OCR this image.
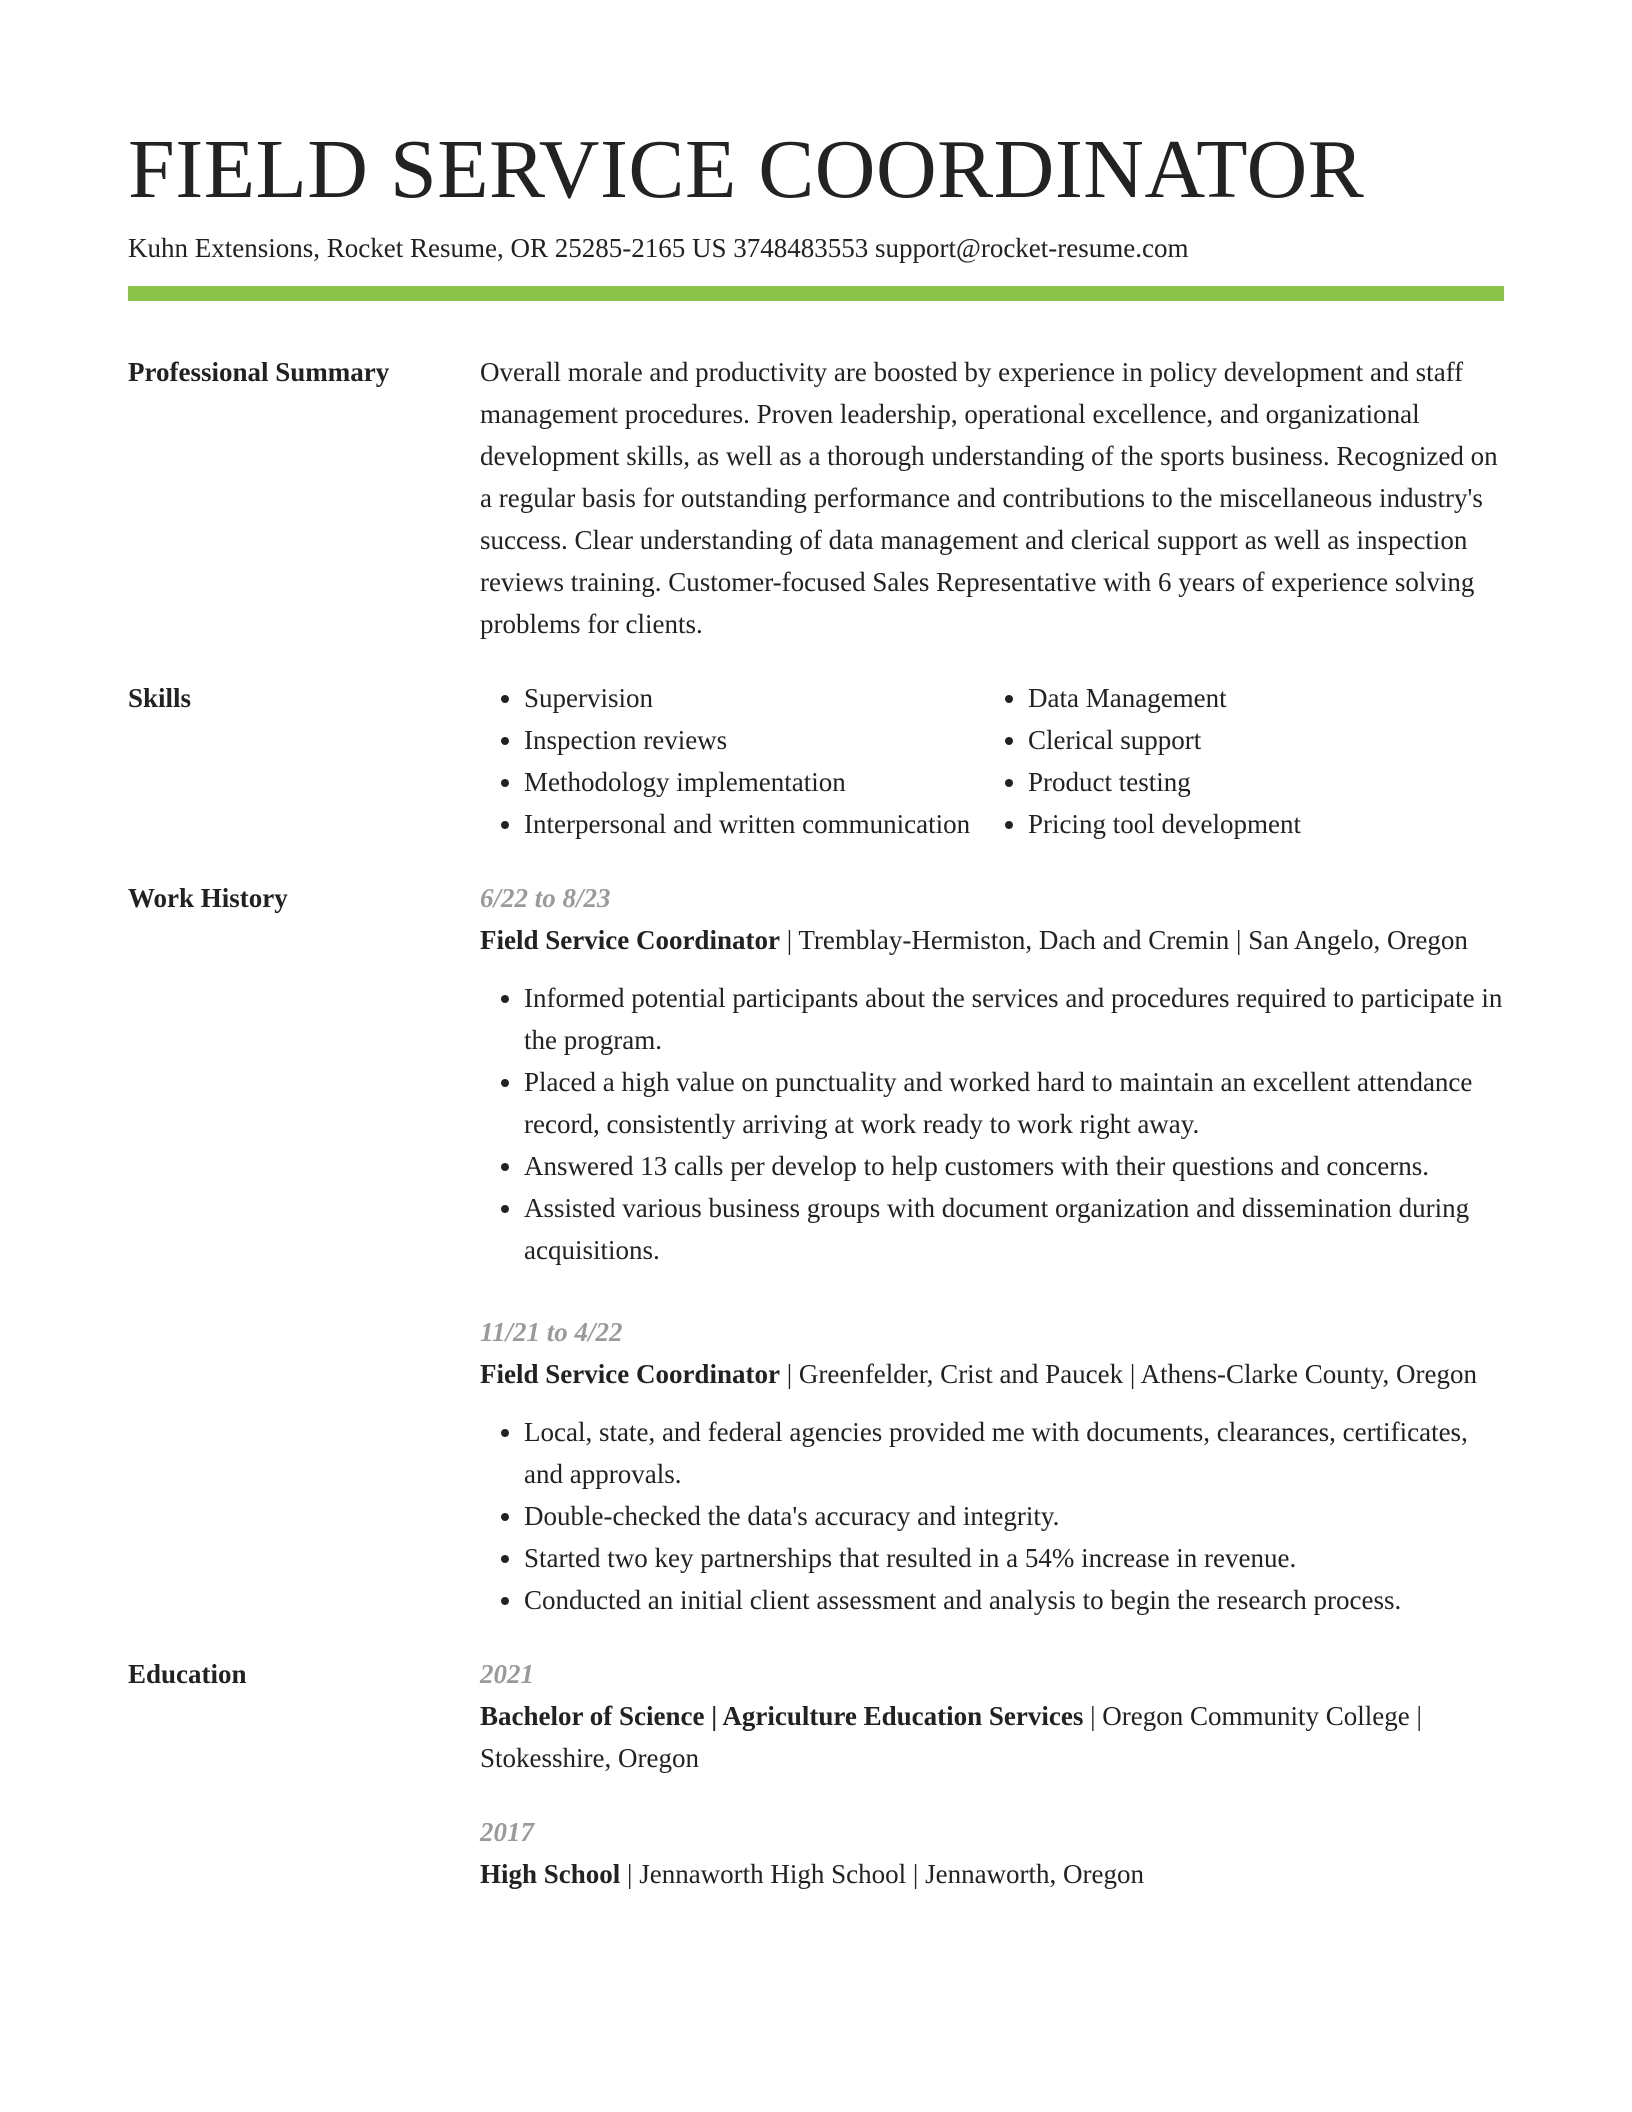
FIELD SERVICE COORDINATOR
Kuhn Extensions, Rocket Resume, OR 25285-2165 US 3748483553 support@rocket-resume.com
Professional Summary	Overall morale and productivity are boosted by experience in policy development and staff management procedures. Proven leadership, operational excellence, and organizational development skills, as well as a thorough understanding of the sports business. Recognized on a regular basis for outstanding performance and contributions to the miscellaneous industry's success. Clear understanding of data management and clerical support as well as inspection reviews training. Customer-focused Sales Representative with 6 years of experience solving problems for clients.
Skills
•	Supervision
• Inspection reviews
• Methodology implementation
• Interpersonal and written communication
• Data Management
• Clerical support
• Product testing
• Pricing tool development
Work History	6/22 to 8/23
Field Service Coordinator | Tremblay-Hermiston, Dach and Cremin | San Angelo, Oregon
• Informed potential participants about the services and procedures required to participate in the program.
• Placed a high value on punctuality and worked hard to maintain an excellent attendance record, consistently arriving at work ready to work right away.
• Answered 13 calls per develop to help customers with their questions and concerns.
• Assisted various business groups with document organization and dissemination during acquisitions.
11/21 to 4/22
Field Service Coordinator | Greenfelder, Crist and Paucek | Athens-Clarke County, Oregon
• Local, state, and federal agencies provided me with documents, clearances, certificates, and approvals.
• Double-checked the data's accuracy and integrity.
• Started two key partnerships that resulted in a 54% increase in revenue.
• Conducted an initial client assessment and analysis to begin the research process.
Education	2021
Bachelor of Science | Agriculture Education Services | Oregon Community College | Stokesshire, Oregon
2017
High School | Jennaworth High School | Jennaworth, Oregon
